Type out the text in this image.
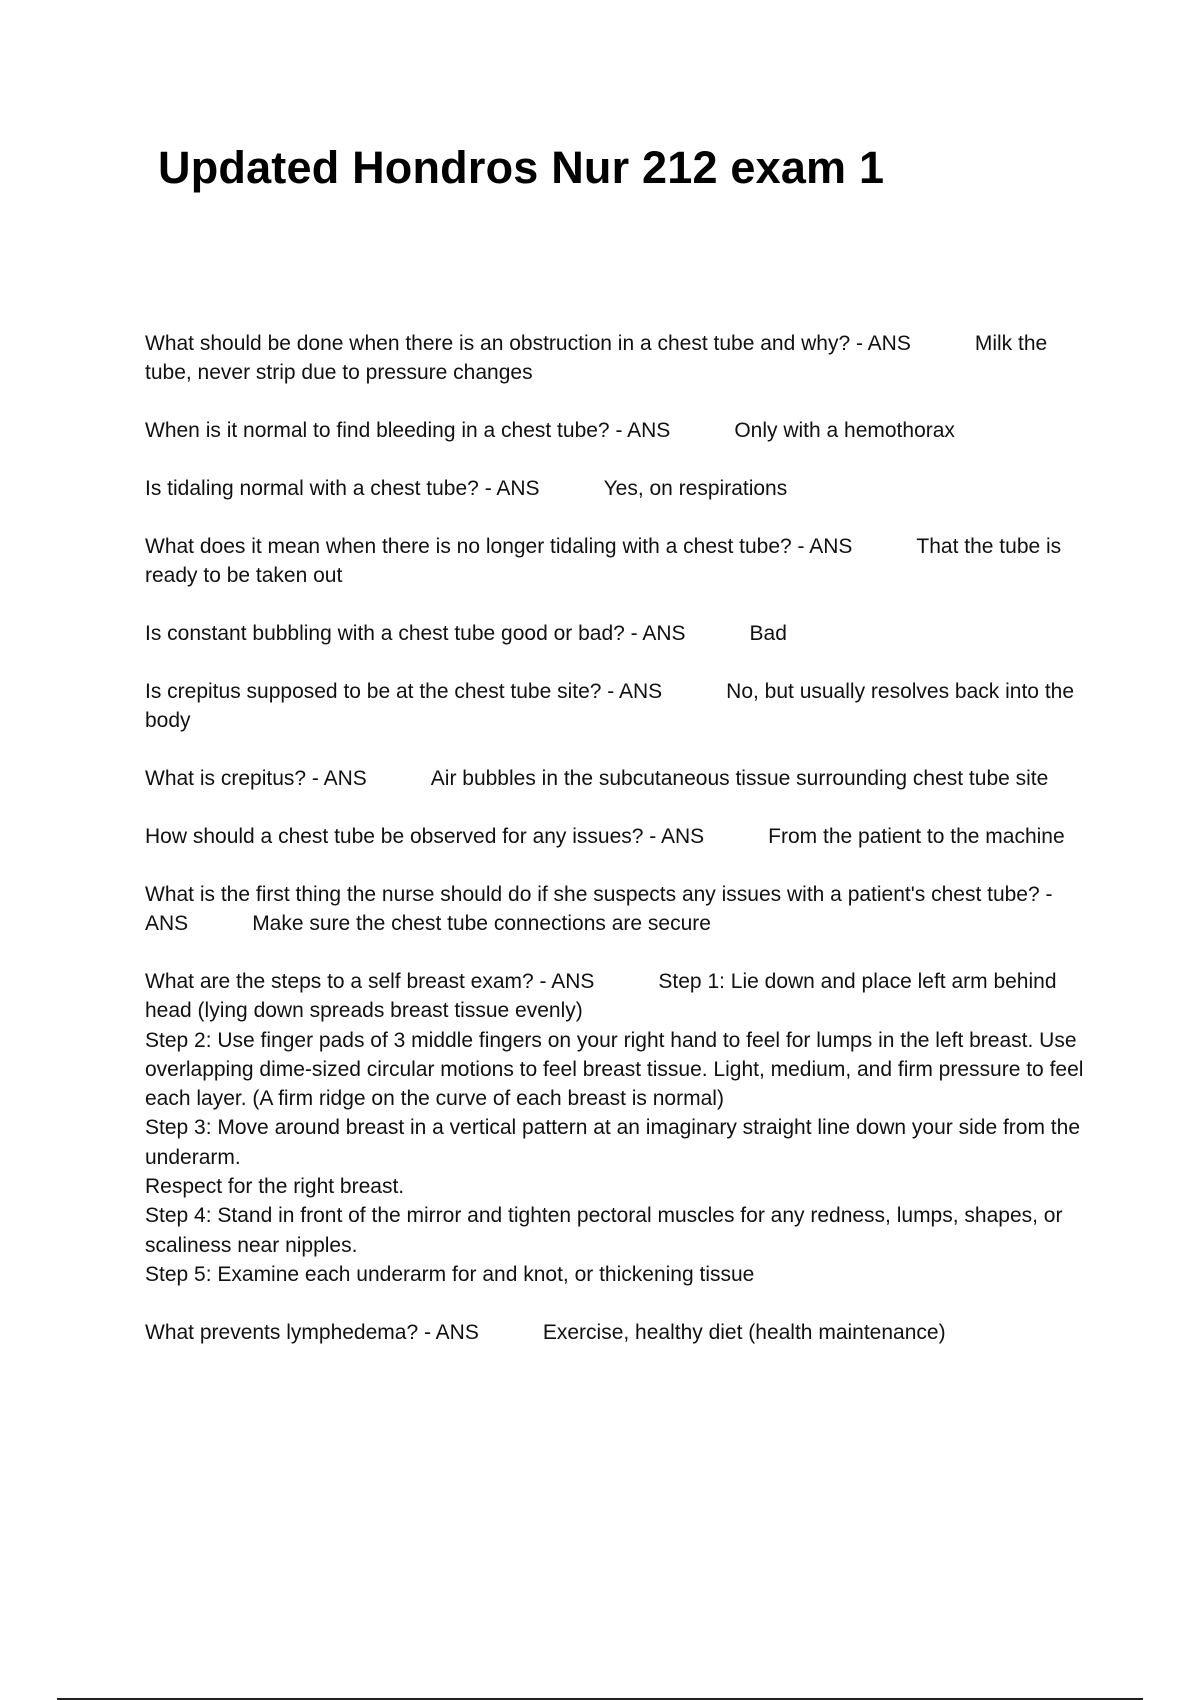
Updated Hondros Nur 212 exam 1

What should be done when there is an obstruction in a chest tube and why? - ANS	Milk the tube, never strip due to pressure changes

When is it normal to find bleeding in a chest tube? - ANS	Only with a hemothorax

Is tidaling normal with a chest tube? - ANS	Yes, on respirations

What does it mean when there is no longer tidaling with a chest tube? - ANS	That the tube is ready to be taken out

Is constant bubbling with a chest tube good or bad? - ANS	Bad

Is crepitus supposed to be at the chest tube site? - ANS	No, but usually resolves back into the body

What is crepitus? - ANS	Air bubbles in the subcutaneous tissue surrounding chest tube site

How should a chest tube be observed for any issues? - ANS	From the patient to the machine

What is the first thing the nurse should do if she suspects any issues with a patient's chest tube? - ANS	Make sure the chest tube connections are secure

What are the steps to a self breast exam? - ANS	Step 1: Lie down and place left arm behind head (lying down spreads breast tissue evenly)
Step 2: Use finger pads of 3 middle fingers on your right hand to feel for lumps in the left breast. Use overlapping dime-sized circular motions to feel breast tissue. Light, medium, and firm pressure to feel each layer. (A firm ridge on the curve of each breast is normal)
Step 3: Move around breast in a vertical pattern at an imaginary straight line down your side from the underarm.
Respect for the right breast.
Step 4: Stand in front of the mirror and tighten pectoral muscles for any redness, lumps, shapes, or scaliness near nipples.
Step 5: Examine each underarm for and knot, or thickening tissue

What prevents lymphedema? - ANS	Exercise, healthy diet (health maintenance)
